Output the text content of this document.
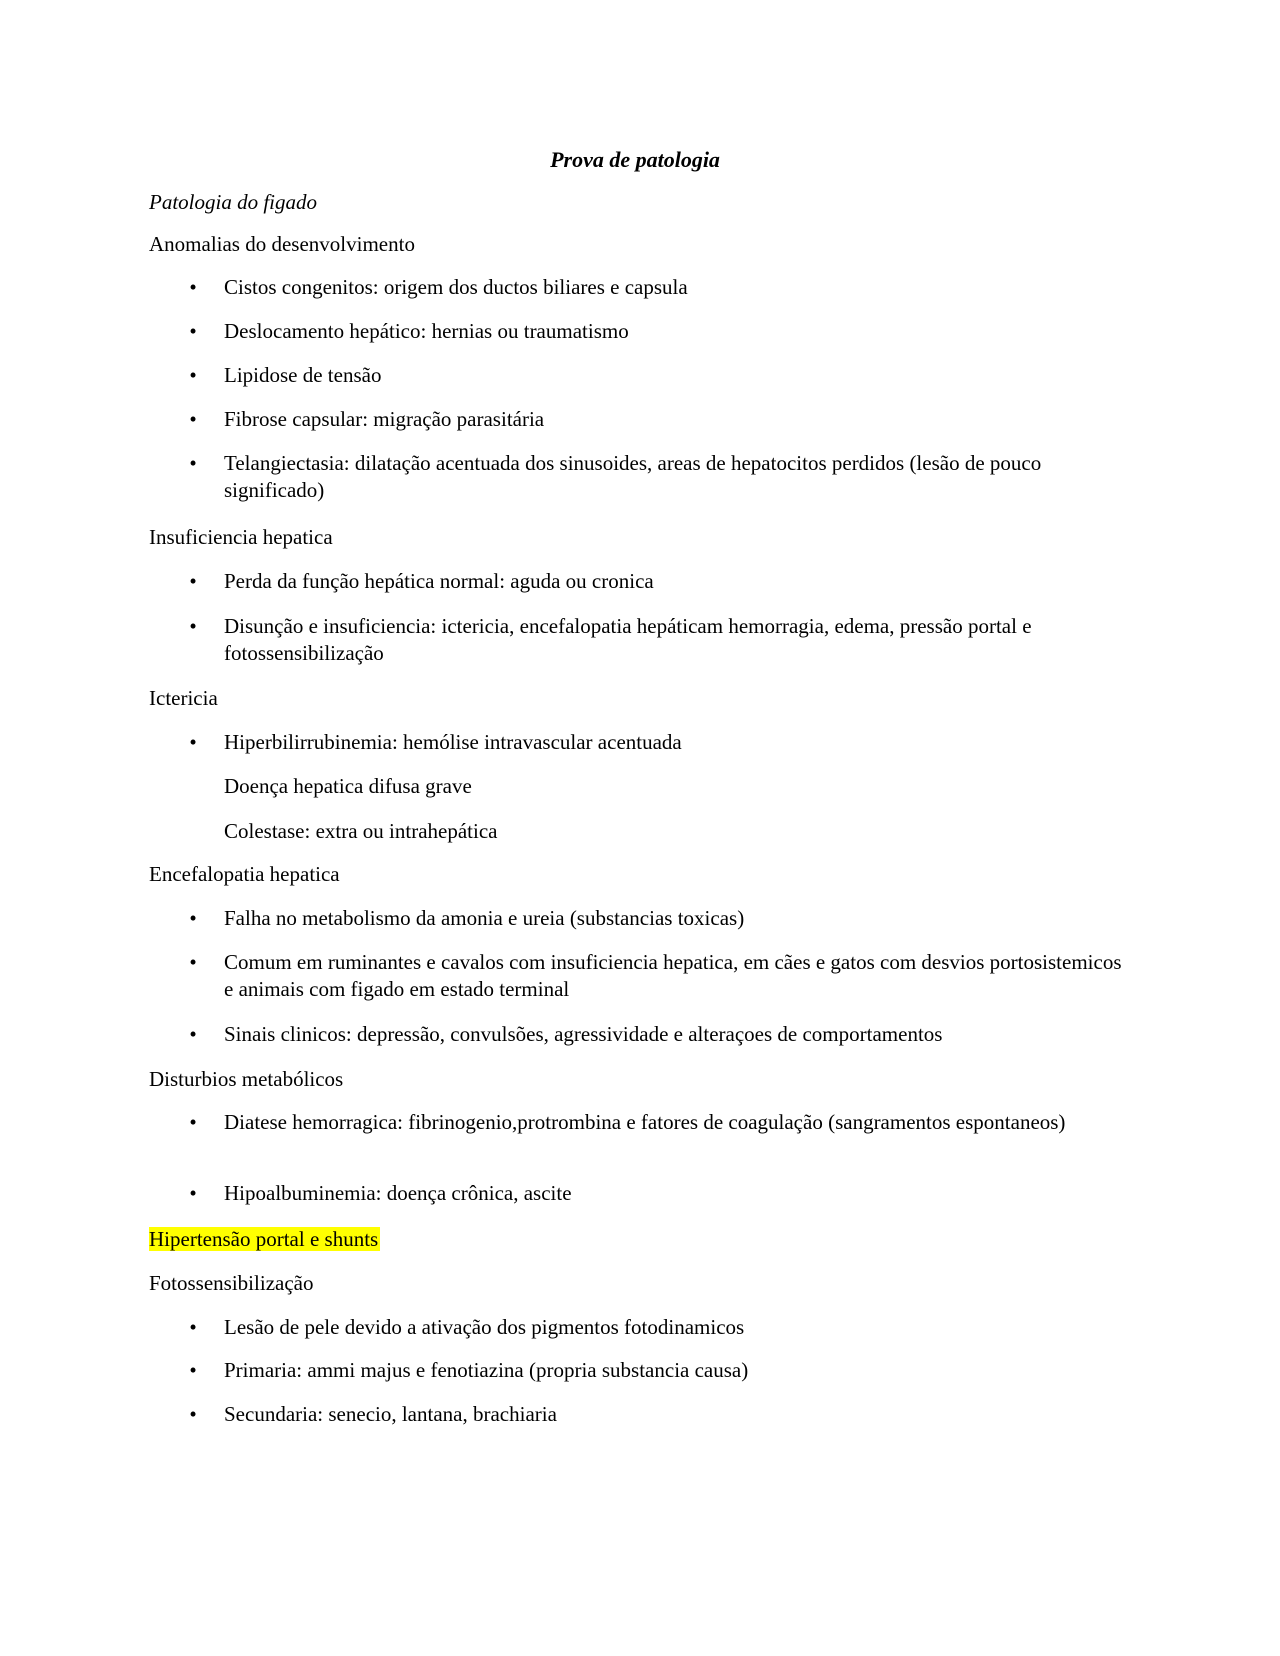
Prova de patologia
Patologia do figado
Anomalias do desenvolvimento
• Cistos congenitos: origem dos ductos biliares e capsula
• Deslocamento hepático: hernias ou traumatismo
• Lipidose de tensão
• Fibrose capsular: migração parasitária
• Telangiectasia: dilatação acentuada dos sinusoides, areas de hepatocitos perdidos (lesão de pouco significado)
Insuficiencia hepatica
• Perda da função hepática normal: aguda ou cronica
• Disunção e insuficiencia: ictericia, encefalopatia hepáticam hemorragia, edema, pressão portal e fotossensibilização
Ictericia
• Hiperbilirrubinemia: hemólise intravascular acentuada
Doença hepatica difusa grave
Colestase: extra ou intrahepática
Encefalopatia hepatica
• Falha no metabolismo da amonia e ureia (substancias toxicas)
• Comum em ruminantes e cavalos com insuficiencia hepatica, em cães e gatos com desvios portosistemicos e animais com figado em estado terminal
• Sinais clinicos: depressão, convulsões, agressividade e alteraçoes de comportamentos
Disturbios metabólicos
• Diatese hemorragica: fibrinogenio,protrombina e fatores de coagulação (sangramentos espontaneos)
• Hipoalbuminemia: doença crônica, ascite
Hipertensão portal e shunts
Fotossensibilização
• Lesão de pele devido a ativação dos pigmentos fotodinamicos
• Primaria: ammi majus e fenotiazina (propria substancia causa)
• Secundaria: senecio, lantana, brachiaria
